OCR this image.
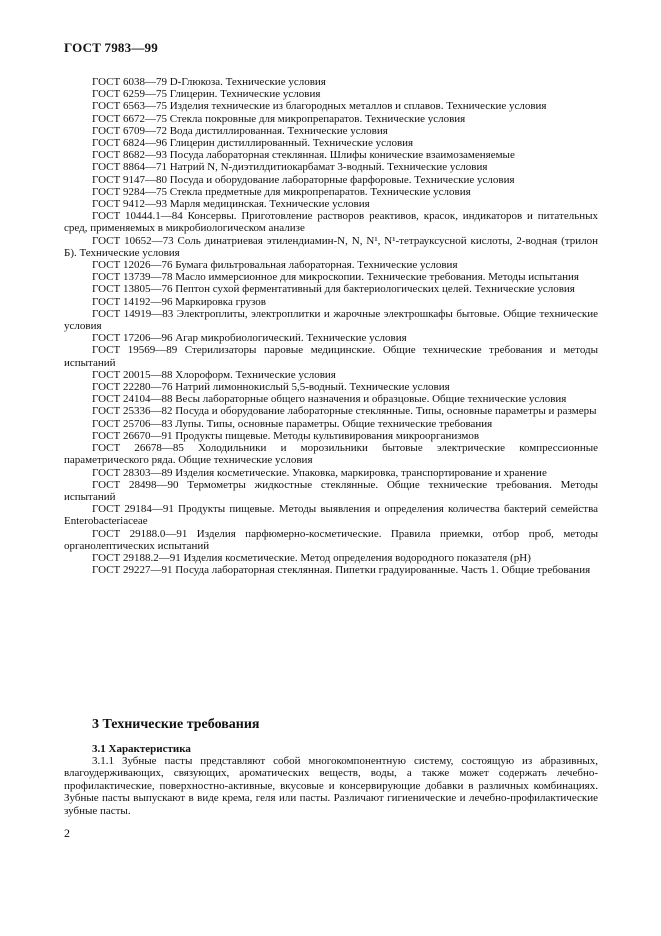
ГОСТ 7983—99

ГОСТ 6038—79 D-Глюкоза. Технические условия

ГОСТ 6259—75 Глицерин. Технические условия

ГОСТ 6563—75 Изделия технические из благородных металлов и сплавов. Технические условия

ГОСТ 6672—75 Стекла покровные для микропрепаратов. Технические условия

ГОСТ 6709—72 Вода дистиллированная. Технические условия

ГОСТ 6824—96 Глицерин дистиллированный. Технические условия

ГОСТ 8682—93 Посуда лабораторная стеклянная. Шлифы конические взаимозаменяемые

ГОСТ 8864—71 Натрий N, N-диэтилдитиокарбамат 3-водный. Технические условия

ГОСТ 9147—80 Посуда и оборудование лабораторные фарфоровые. Технические условия

ГОСТ 9284—75 Стекла предметные для микропрепаратов. Технические условия

ГОСТ 9412—93 Марля медицинская. Технические условия

ГОСТ 10444.1—84 Консервы. Приготовление растворов реактивов, красок, индикаторов и питательных сред, применяемых в микробиологическом анализе

ГОСТ 10652—73 Соль динатриевая этилендиамин-N, N, N¹, N¹-тетрауксусной кислоты, 2-водная (трилон Б). Технические условия

ГОСТ 12026—76 Бумага фильтровальная лабораторная. Технические условия

ГОСТ 13739—78 Масло иммерсионное для микроскопии. Технические требования. Методы испытания

ГОСТ 13805—76 Пептон сухой ферментативный для бактериологических целей. Технические условия

ГОСТ 14192—96 Маркировка грузов

ГОСТ 14919—83 Электроплиты, электроплитки и жарочные электрошкафы бытовые. Общие технические условия

ГОСТ 17206—96 Агар микробиологический. Технические условия

ГОСТ 19569—89 Стерилизаторы паровые медицинские. Общие технические требования и методы испытаний

ГОСТ 20015—88 Хлороформ. Технические условия

ГОСТ 22280—76 Натрий лимоннокислый 5,5-водный. Технические условия

ГОСТ 24104—88 Весы лабораторные общего назначения и образцовые. Общие технические условия

ГОСТ 25336—82 Посуда и оборудование лабораторные стеклянные. Типы, основные параметры и размеры

ГОСТ 25706—83 Лупы. Типы, основные параметры. Общие технические требования

ГОСТ 26670—91 Продукты пищевые. Методы культивирования микроорганизмов

ГОСТ 26678—85 Холодильники и морозильники бытовые электрические компрессионные параметрического ряда. Общие технические условия

ГОСТ 28303—89 Изделия косметические. Упаковка, маркировка, транспортирование и хранение

ГОСТ 28498—90 Термометры жидкостные стеклянные. Общие технические требования. Методы испытаний

ГОСТ 29184—91 Продукты пищевые. Методы выявления и определения количества бактерий семейства Enterobacteriaceae

ГОСТ 29188.0—91 Изделия парфюмерно-косметические. Правила приемки, отбор проб, методы органолептических испытаний

ГОСТ 29188.2—91 Изделия косметические. Метод определения водородного показателя (pH)

ГОСТ 29227—91 Посуда лабораторная стеклянная. Пипетки градуированные. Часть 1. Общие требования

3 Технические требования
3.1 Характеристика

3.1.1 Зубные пасты представляют собой многокомпонентную систему, состоящую из абразивных, влагоудерживающих, связующих, ароматических веществ, воды, а также может содержать лечебно-профилактические, поверхностно-активные, вкусовые и консервирующие добавки в различных комбинациях. Зубные пасты выпускают в виде крема, геля или пасты. Различают гигиенические и лечебно-профилактические зубные пасты.

2
